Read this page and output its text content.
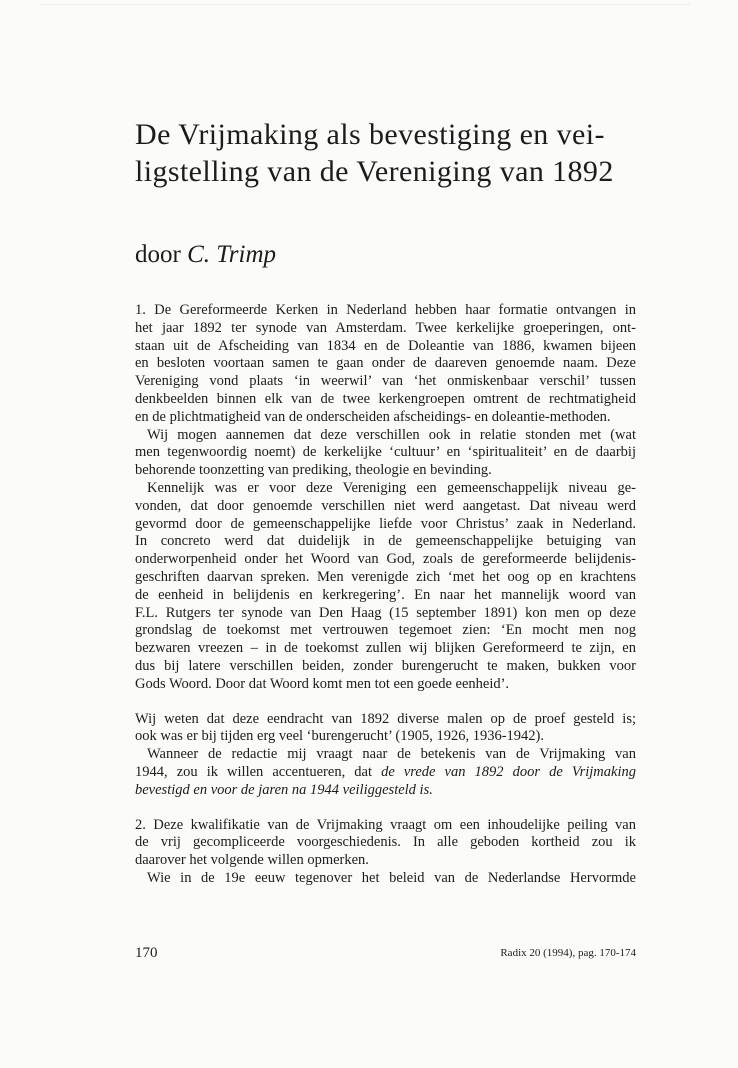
De Vrijmaking als bevestiging en vei-
ligstelling van de Vereniging van 1892

door C. Trimp

1. De Gereformeerde Kerken in Nederland hebben haar formatie ontvangen in
het jaar 1892 ter synode van Amsterdam. Twee kerkelijke groeperingen, ont-
staan uit de Afscheiding van 1834 en de Doleantie van 1886, kwamen bijeen
en besloten voortaan samen te gaan onder de daareven genoemde naam. Deze
Vereniging vond plaats ‘in weerwil’ van ‘het onmiskenbaar verschil’ tussen
denkbeelden binnen elk van de twee kerkengroepen omtrent de rechtmatigheid
en de plichtmatigheid van de onderscheiden afscheidings- en doleantie-methoden.
Wij mogen aannemen dat deze verschillen ook in relatie stonden met (wat
men tegenwoordig noemt) de kerkelijke ‘cultuur’ en ‘spiritualiteit’ en de daarbij
behorende toonzetting van prediking, theologie en bevinding.
Kennelijk was er voor deze Vereniging een gemeenschappelijk niveau ge-
vonden, dat door genoemde verschillen niet werd aangetast. Dat niveau werd
gevormd door de gemeenschappelijke liefde voor Christus’ zaak in Nederland.
In concreto werd dat duidelijk in de gemeenschappelijke betuiging van
onderworpenheid onder het Woord van God, zoals de gereformeerde belijdenis-
geschriften daarvan spreken. Men verenigde zich ‘met het oog op en krachtens
de eenheid in belijdenis en kerkregering’. En naar het mannelijk woord van
F.L. Rutgers ter synode van Den Haag (15 september 1891) kon men op deze
grondslag de toekomst met vertrouwen tegemoet zien: ‘En mocht men nog
bezwaren vreezen – in de toekomst zullen wij blijken Gereformeerd te zijn, en
dus bij latere verschillen beiden, zonder burengerucht te maken, bukken voor
Gods Woord. Door dat Woord komt men tot een goede eenheid’.
Wij weten dat deze eendracht van 1892 diverse malen op de proef gesteld is;
ook was er bij tijden erg veel ‘burengerucht’ (1905, 1926, 1936-1942).
Wanneer de redactie mij vraagt naar de betekenis van de Vrijmaking van
1944, zou ik willen accentueren, dat de vrede van 1892 door de Vrijmaking
bevestigd en voor de jaren na 1944 veiliggesteld is.
2. Deze kwalifikatie van de Vrijmaking vraagt om een inhoudelijke peiling van
de vrij gecompliceerde voorgeschiedenis. In alle geboden kortheid zou ik
daarover het volgende willen opmerken.
Wie in de 19e eeuw tegenover het beleid van de Nederlandse Hervormde
170	Radix 20 (1994), pag. 170-174
